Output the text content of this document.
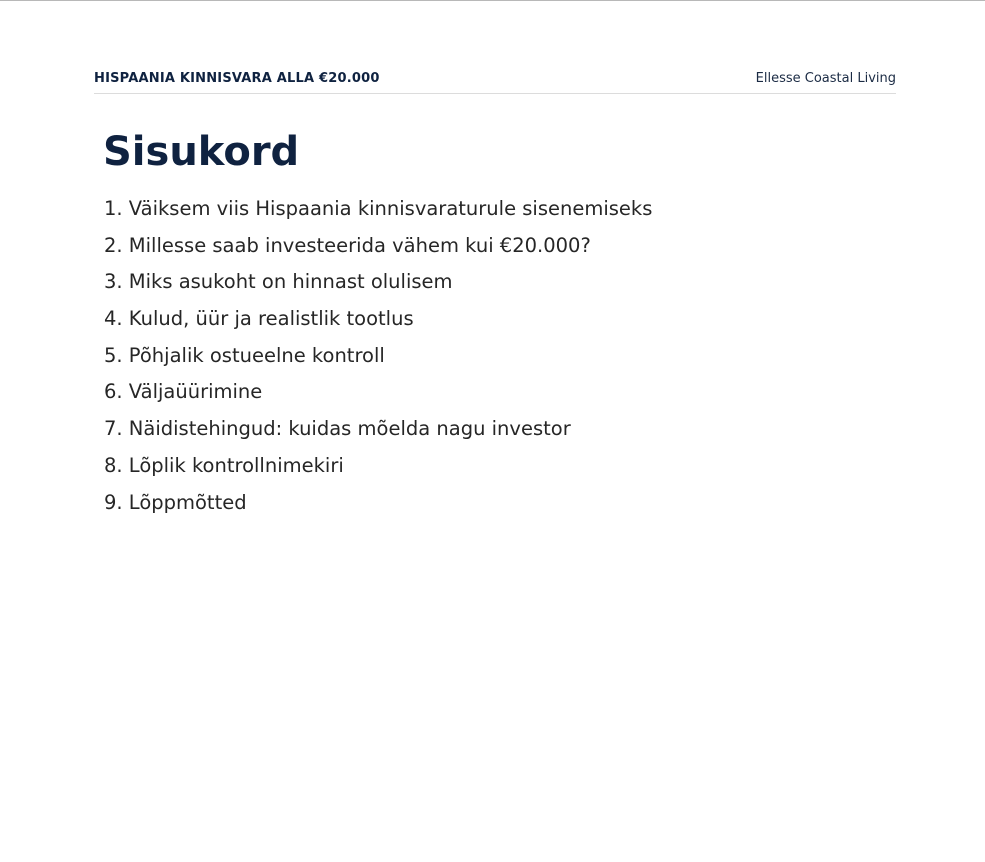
HISPAANIA KINNISVARA ALLA €20.000	Ellesse Coastal Living
Sisukord
1. Väiksem viis Hispaania kinnisvaraturule sisenemiseks
2. Millesse saab investeerida vähem kui €20.000?
3. Miks asukoht on hinnast olulisem
4. Kulud, üür ja realistlik tootlus
5. Põhjalik ostueelne kontroll
6. Väljaüürimine
7. Näidistehingud: kuidas mõelda nagu investor
8. Lõplik kontrollnimekiri
9. Lõppmõtted
